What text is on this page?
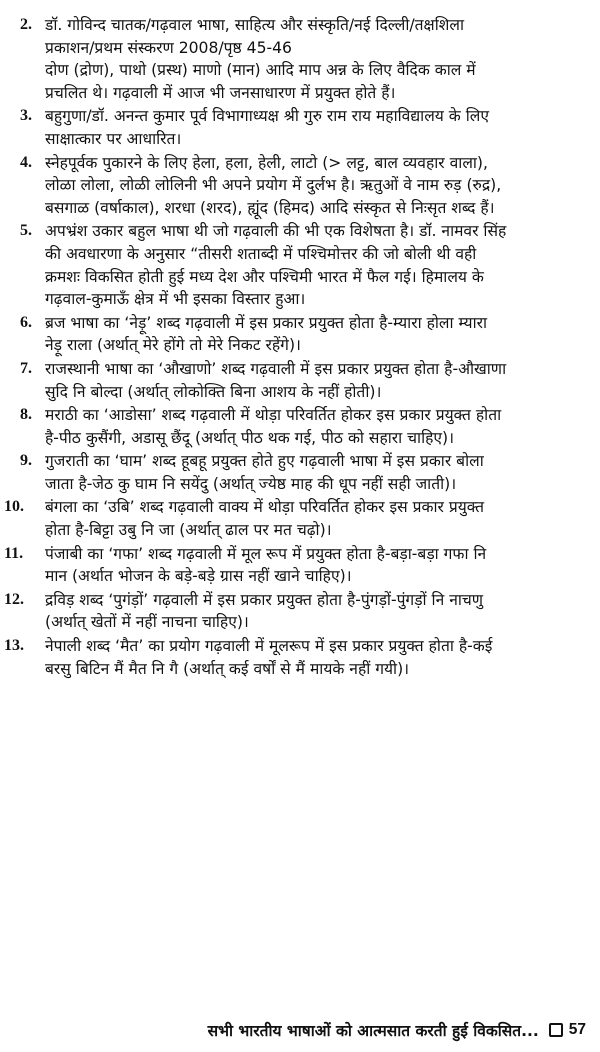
2. डॉ. गोविन्द चातक/गढ़वाल भाषा, साहित्य और संस्कृति/नई दिल्ली/तक्षशिला
प्रकाशन/प्रथम संस्करण 2008/पृष्ठ 45-46
दोण (द्रोण), पाथो (प्रस्थ) माणो (मान) आदि माप अन्न के लिए वैदिक काल में
प्रचलित थे। गढ़वाली में आज भी जनसाधारण में प्रयुक्त होते हैं।
3. बहुगुणा/डॉ. अनन्त कुमार पूर्व विभागाध्यक्ष श्री गुरु राम राय महाविद्यालय के लिए
साक्षात्कार पर आधारित।
4. स्नेहपूर्वक पुकारने के लिए हेला, हला, हेली, लाटो (> लट्ट, बाल व्यवहार वाला),
लोळा लोला, लोळी लोलिनी भी अपने प्रयोग में दुर्लभ है। ऋतुओं वे नाम रुड़ (रुद्र),
बसगाळ (वर्षाकाल), शरधा (शरद), ह्यूंद (हिमद) आदि संस्कृत से निःसृत शब्द हैं।
5. अपभ्रंश उकार बहुल भाषा थी जो गढ़वाली की भी एक विशेषता है। डॉ. नामवर सिंह
की अवधारणा के अनुसार “तीसरी शताब्दी में पश्चिमोत्तर की जो बोली थी वही
क्रमशः विकसित होती हुई मध्य देश और पश्चिमी भारत में फैल गई। हिमालय के
गढ़वाल-कुमाऊँ क्षेत्र में भी इसका विस्तार हुआ।
6. ब्रज भाषा का ‘नेड़ू’ शब्द गढ़वाली में इस प्रकार प्रयुक्त होता है-म्यारा होला म्यारा
नेड़ू राला (अर्थात् मेरे होंगे तो मेरे निकट रहेंगे)।
7. राजस्थानी भाषा का ‘औखाणो’ शब्द गढ़वाली में इस प्रकार प्रयुक्त होता है-औखाणा
सुदि नि बोल्दा (अर्थात् लोकोक्ति बिना आशय के नहीं होती)।
8. मराठी का ‘आडोसा’ शब्द गढ़वाली में थोड़ा परिवर्तित होकर इस प्रकार प्रयुक्त होता
है-पीठ कुसैंगी, अडासू छैंदू (अर्थात् पीठ थक गई, पीठ को सहारा चाहिए)।
9. गुजराती का ‘घाम’ शब्द हूबहू प्रयुक्त होते हुए गढ़वाली भाषा में इस प्रकार बोला
जाता है-जेठ कु घाम नि सयेंदु (अर्थात् ज्येष्ठ माह की धूप नहीं सही जाती)।
10. बंगला का ‘उबि’ शब्द गढ़वाली वाक्य में थोड़ा परिवर्तित होकर इस प्रकार प्रयुक्त
होता है-बिट्टा उबु नि जा (अर्थात् ढाल पर मत चढ़ो)।
11. पंजाबी का ‘गफा’ शब्द गढ़वाली में मूल रूप में प्रयुक्त होता है-बड़ा-बड़ा गफा नि
मान (अर्थात भोजन के बड़े-बड़े ग्रास नहीं खाने चाहिए)।
12. द्रविड़ शब्द ‘पुगंड़ों’ गढ़वाली में इस प्रकार प्रयुक्त होता है-पुंगड़ों-पुंगड़ों नि नाचणु
(अर्थात् खेतों में नहीं नाचना चाहिए)।
13. नेपाली शब्द ‘मैत’ का प्रयोग गढ़वाली में मूलरूप में इस प्रकार प्रयुक्त होता है-कई
बरसु बिटिन मैं मैत नि गै (अर्थात् कई वर्षों से मैं मायके नहीं गयी)।
सभी भारतीय भाषाओं को आत्मसात करती हुई विकसित... 57
